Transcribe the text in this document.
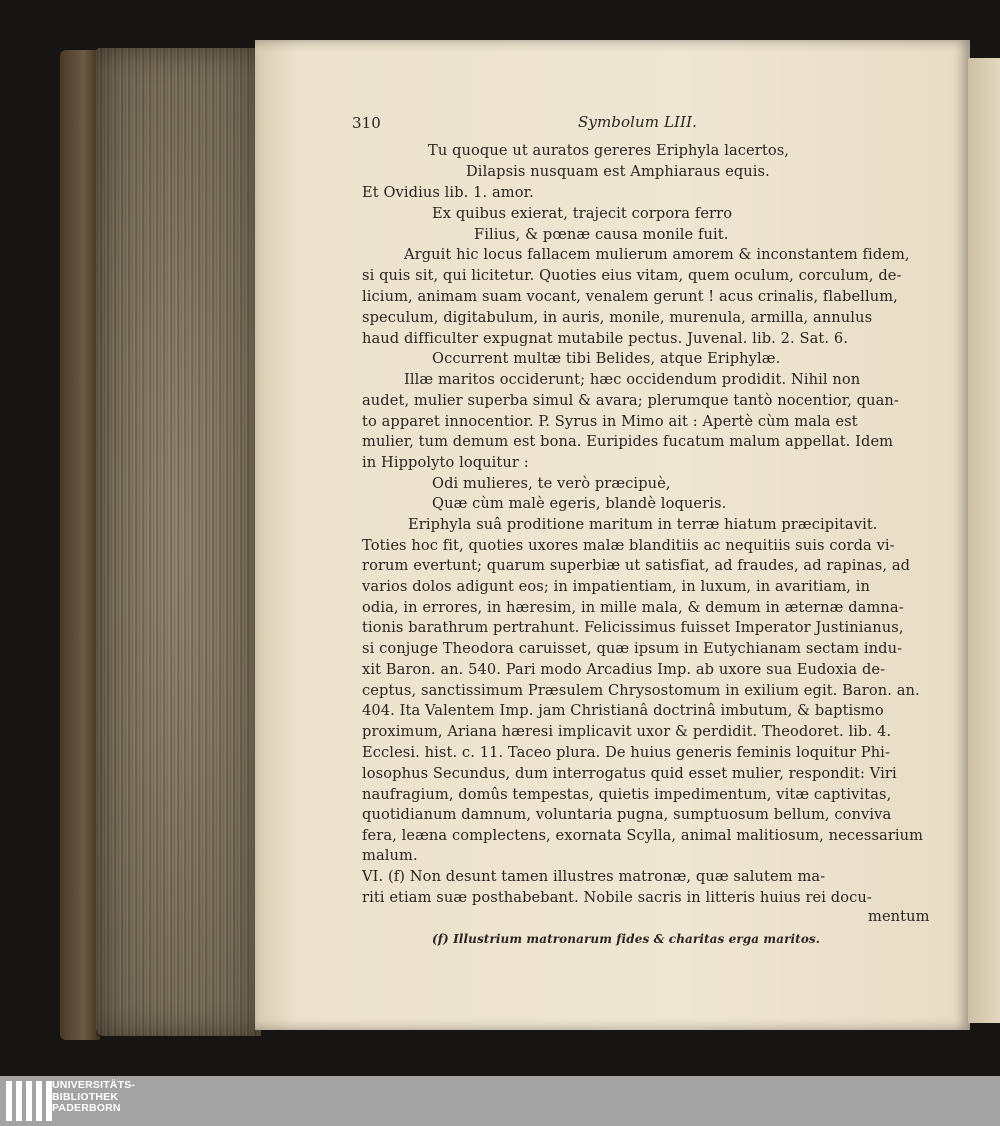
310	Symbolum LIII.
Tu quoque ut auratos gereres Eriphyla lacertos,
Dilapsis nusquam est Amphiaraus equis.
Et Ovidius lib. 1. amor.
Ex quibus exierat, trajecit corpora ferro
Filius, & pœnæ causa monile fuit.
Arguit hic locus fallacem mulierum amorem & inconstantem fidem,
si quis sit, qui licitetur. Quoties eius vitam, quem oculum, corculum, de-
licium, animam suam vocant, venalem gerunt ! acus crinalis, flabellum,
speculum, digitabulum, in auris, monile, murenula, armilla, annulus
haud difficulter expugnat mutabile pectus. Juvenal. lib. 2. Sat. 6.
Occurrent multæ tibi Belides, atque Eriphylæ.
Illæ maritos occiderunt; hæc occidendum prodidit. Nihil non
audet, mulier superba simul & avara; plerumque tantò nocentior, quan-
to apparet innocentior. P. Syrus in Mimo ait : Apertè cùm mala est
mulier, tum demum est bona. Euripides fucatum malum appellat. Idem
in Hippolyto loquitur :
Odi mulieres, te verò præcipuè,
Quæ cùm malè egeris, blandè loqueris.
Eriphyla suâ proditione maritum in terræ hiatum præcipitavit.
Toties hoc fit, quoties uxores malæ blanditiis ac nequitiis suis corda vi-
rorum evertunt; quarum superbiæ ut satisfiat, ad fraudes, ad rapinas, ad
varios dolos adigunt eos; in impatientiam, in luxum, in avaritiam, in
odia, in errores, in hæresim, in mille mala, & demum in æternæ damna-
tionis barathrum pertrahunt. Felicissimus fuisset Imperator Justinianus,
si conjuge Theodora caruisset, quæ ipsum in Eutychianam sectam indu-
xit Baron. an. 540. Pari modo Arcadius Imp. ab uxore sua Eudoxia de-
ceptus, sanctissimum Præsulem Chrysostomum in exilium egit. Baron. an.
404. Ita Valentem Imp. jam Christianâ doctrinâ imbutum, & baptismo
proximum, Ariana hæresi implicavit uxor & perdidit. Theodoret. lib. 4.
Ecclesi. hist. c. 11. Taceo plura. De huius generis feminis loquitur Phi-
losophus Secundus, dum interrogatus quid esset mulier, respondit: Viri
naufragium, domûs tempestas, quietis impedimentum, vitæ captivitas,
quotidianum damnum, voluntaria pugna, sumptuosum bellum, conviva
fera, leæna complectens, exornata Scylla, animal malitiosum, necessarium
malum.
VI. (f) Non desunt tamen illustres matronæ, quæ salutem ma-
riti etiam suæ posthabebant. Nobile sacris in litteris huius rei docu-
mentum
(f) Illustrium matronarum fides & charitas erga maritos.
UNIVERSITÄTS-
BIBLIOTHEK
PADERBORN
